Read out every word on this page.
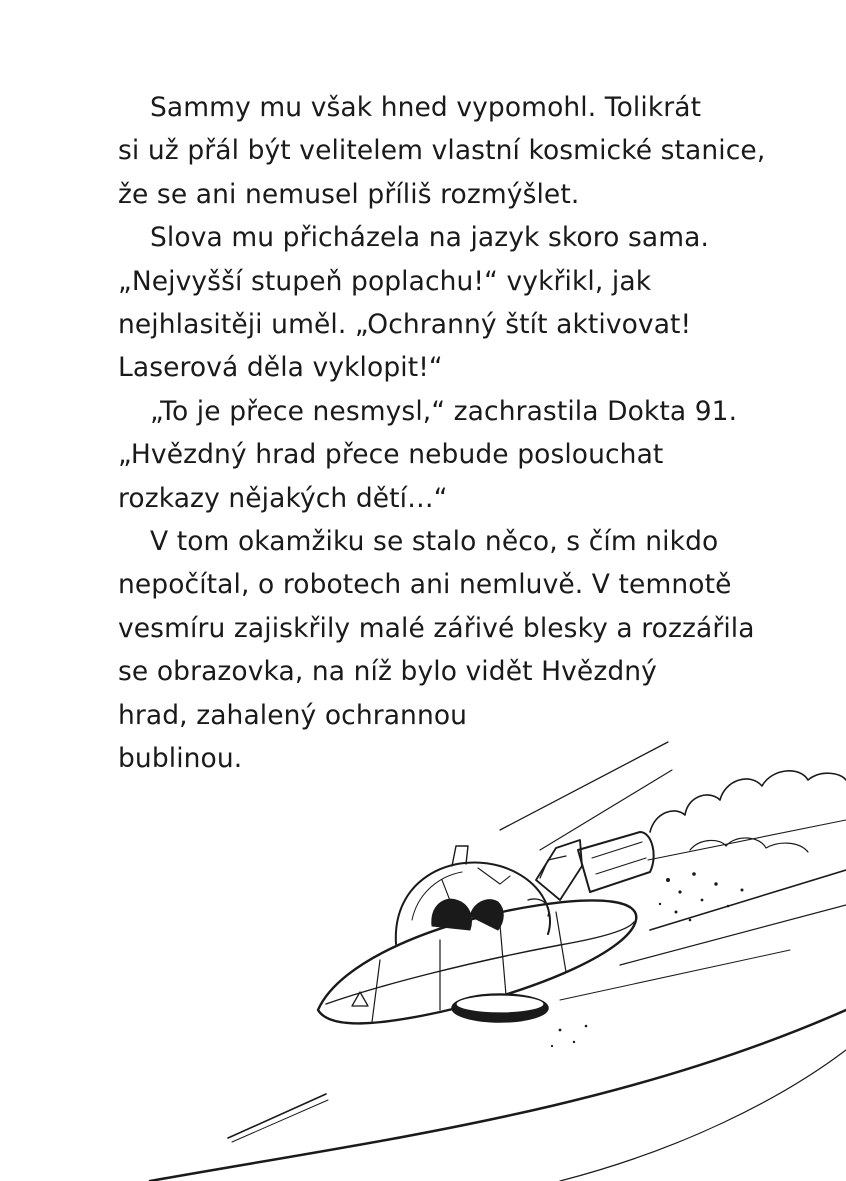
Sammy mu však hned vypomohl. Tolikrát
si už přál být velitelem vlastní kosmické stanice,
že se ani nemusel příliš rozmýšlet.
Slova mu přicházela na jazyk skoro sama.
„Nejvyšší stupeň poplachu!“ vykřikl, jak
nejhlasitěji uměl. „Ochranný štít aktivovat!
Laserová děla vyklopit!“
„To je přece nesmysl,“ zachrastila Dokta 91.
„Hvězdný hrad přece nebude poslouchat
rozkazy nějakých dětí…“
V tom okamžiku se stalo něco, s čím nikdo
nepočítal, o robotech ani nemluvě. V temnotě
vesmíru zajiskřily malé zářivé blesky a rozzářila
se obrazovka, na níž bylo vidět Hvězdný
hrad, zahalený ochrannou
bublinou.
